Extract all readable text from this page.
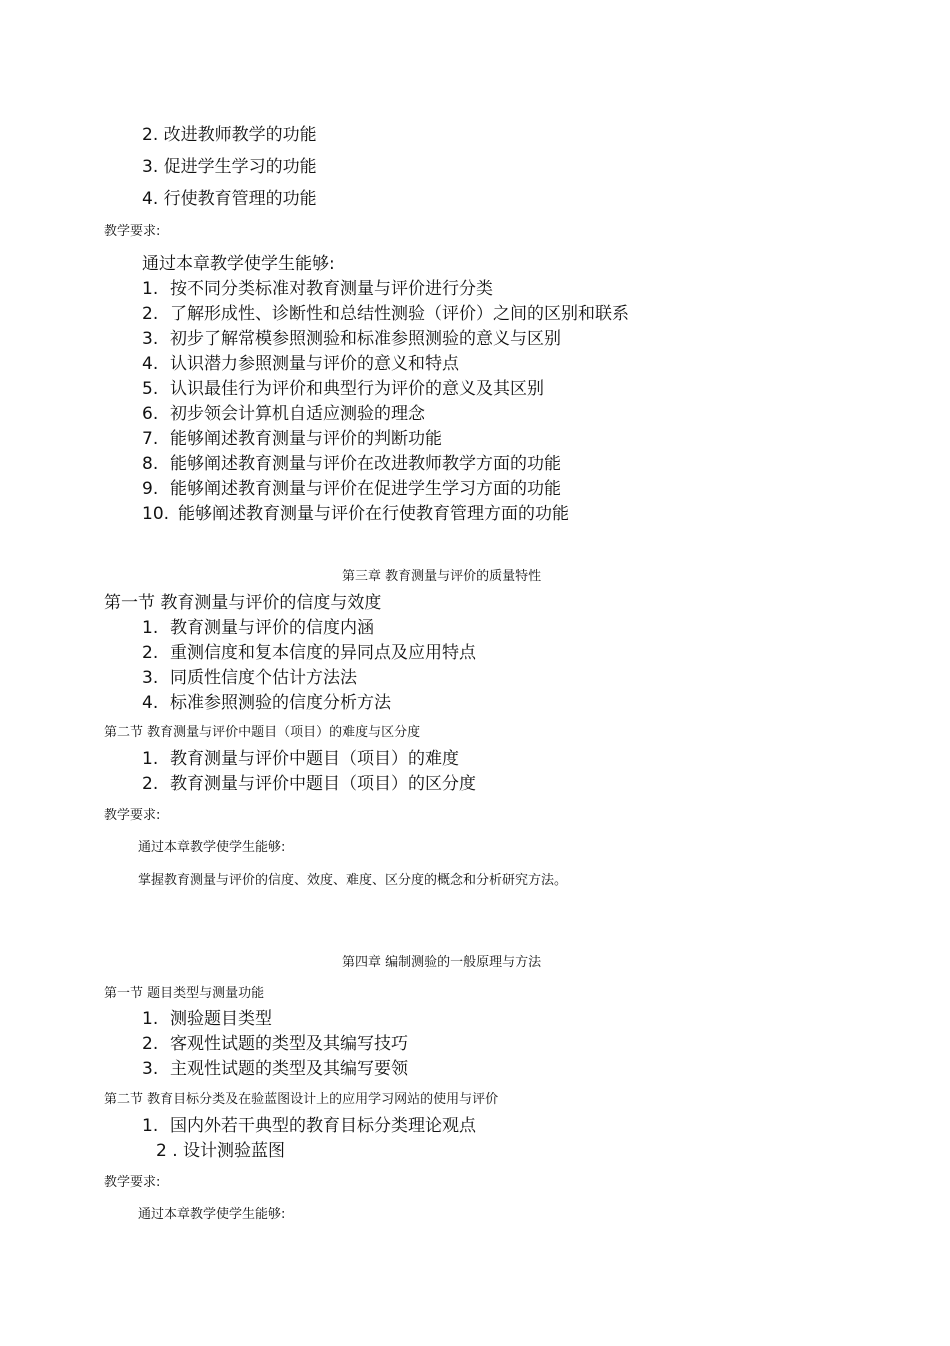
2. 改进教师教学的功能
3. 促进学生学习的功能
4. 行使教育管理的功能
教学要求:
通过本章教学使学生能够:
1. 按不同分类标准对教育测量与评价进行分类
2. 了解形成性、诊断性和总结性测验（评价）之间的区别和联系
3. 初步了解常模参照测验和标准参照测验的意义与区别
4. 认识潜力参照测量与评价的意义和特点
5. 认识最佳行为评价和典型行为评价的意义及其区别
6. 初步领会计算机自适应测验的理念
7. 能够阐述教育测量与评价的判断功能
8. 能够阐述教育测量与评价在改进教师教学方面的功能
9. 能够阐述教育测量与评价在促进学生学习方面的功能
10. 能够阐述教育测量与评价在行使教育管理方面的功能
第三章 教育测量与评价的质量特性
第一节 教育测量与评价的信度与效度
1. 教育测量与评价的信度内涵
2. 重测信度和复本信度的异同点及应用特点
3. 同质性信度个估计方法法
4. 标准参照测验的信度分析方法
第二节 教育测量与评价中题目（项目）的难度与区分度
1. 教育测量与评价中题目（项目）的难度
2. 教育测量与评价中题目（项目）的区分度
教学要求:
通过本章教学使学生能够:
掌握教育测量与评价的信度、效度、难度、区分度的概念和分析研究方法。
第四章 编制测验的一般原理与方法
第一节 题目类型与测量功能
1. 测验题目类型
2. 客观性试题的类型及其编写技巧
3. 主观性试题的类型及其编写要领
第二节 教育目标分类及在验蓝图设计上的应用学习网站的使用与评价
1. 国内外若干典型的教育目标分类理论观点
2 . 设计测验蓝图
教学要求:
通过本章教学使学生能够:
